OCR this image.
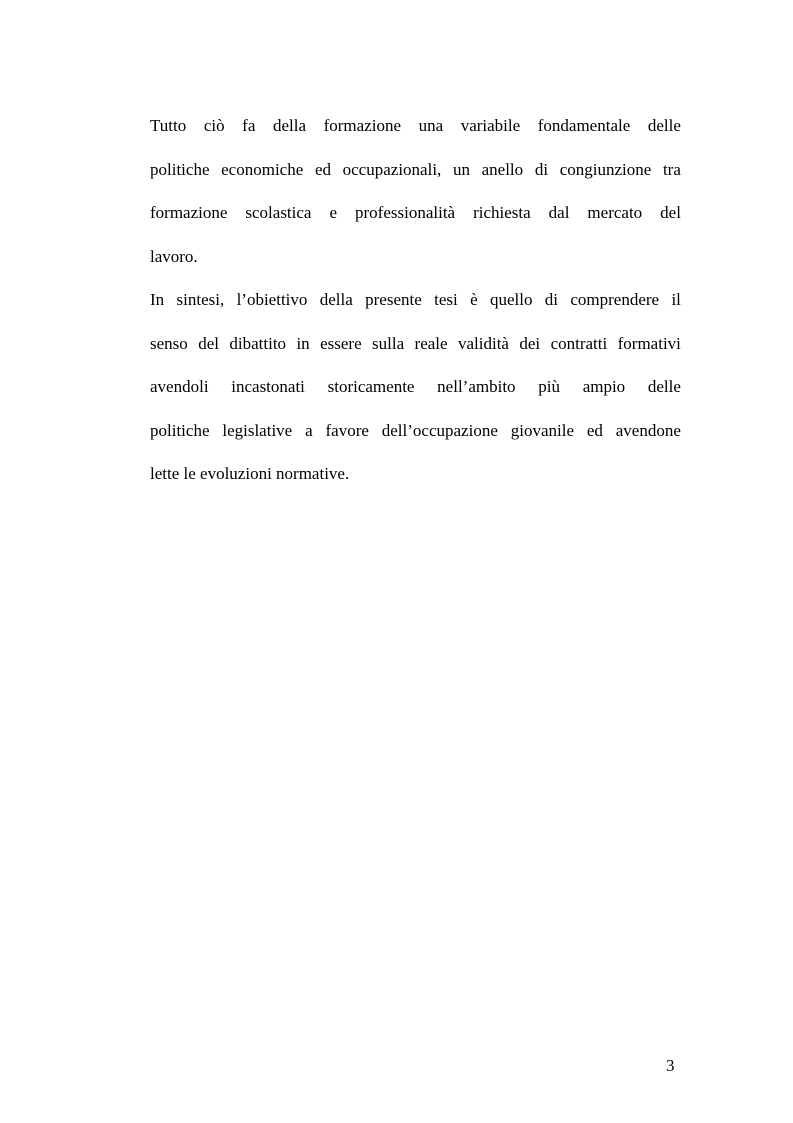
Tutto ciò fa della formazione una variabile fondamentale delle
politiche economiche ed occupazionali, un anello di congiunzione tra
formazione scolastica e professionalità richiesta dal mercato del
lavoro.
In sintesi, l’obiettivo della presente tesi è quello di comprendere il
senso del dibattito in essere sulla reale validità dei contratti formativi
avendoli incastonati storicamente nell’ambito più ampio delle
politiche legislative a favore dell’occupazione giovanile ed avendone
lette le evoluzioni normative.
3
